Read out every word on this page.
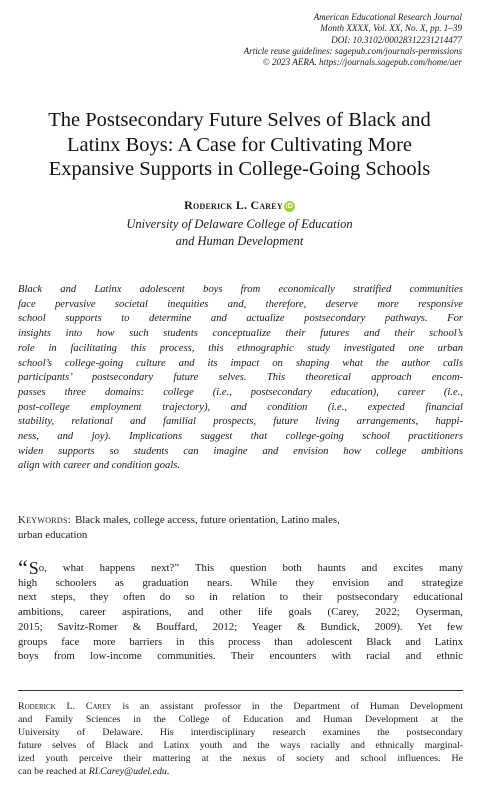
American Educational Research Journal
Month XXXX, Vol. XX, No. X, pp. 1–39
DOI: 10.3102/00028312231214477
Article reuse guidelines: sagepub.com/journals-permissions
© 2023 AERA. https://journals.sagepub.com/home/aer
The Postsecondary Future Selves of Black and
Latinx Boys: A Case for Cultivating More
Expansive Supports in College-Going Schools
Roderick L. Carey iD
University of Delaware College of Education
and Human Development
Black and Latinx adolescent boys from economically stratified communities
face pervasive societal inequities and, therefore, deserve more responsive
school supports to determine and actualize postsecondary pathways. For
insights into how such students conceptualize their futures and their school’s
role in facilitating this process, this ethnographic study investigated one urban
school’s college-going culture and its impact on shaping what the author calls
participants’ postsecondary future selves. This theoretical approach encom-
passes three domains: college (i.e., postsecondary education), career (i.e.,
post-college employment trajectory), and condition (i.e., expected financial
stability, relational and familial prospects, future living arrangements, happi-
ness, and joy). Implications suggest that college-going school practitioners
widen supports so students can imagine and envision how college ambitions
align with career and condition goals.
Keywords: Black males, college access, future orientation, Latino males,
urban education
“So, what happens next?” This question both haunts and excites many
high schoolers as graduation nears. While they envision and strategize
next steps, they often do so in relation to their postsecondary educational
ambitions, career aspirations, and other life goals (Carey, 2022; Oyserman,
2015; Savitz-Romer & Bouffard, 2012; Yeager & Bundick, 2009). Yet few
groups face more barriers in this process than adolescent Black and Latinx
boys from low-income communities. Their encounters with racial and ethnic
Roderick L. Carey is an assistant professor in the Department of Human Development
and Family Sciences in the College of Education and Human Development at the
University of Delaware. His interdisciplinary research examines the postsecondary
future selves of Black and Latinx youth and the ways racially and ethnically marginal-
ized youth perceive their mattering at the nexus of society and school influences. He
can be reached at RLCarey@udel.edu.
